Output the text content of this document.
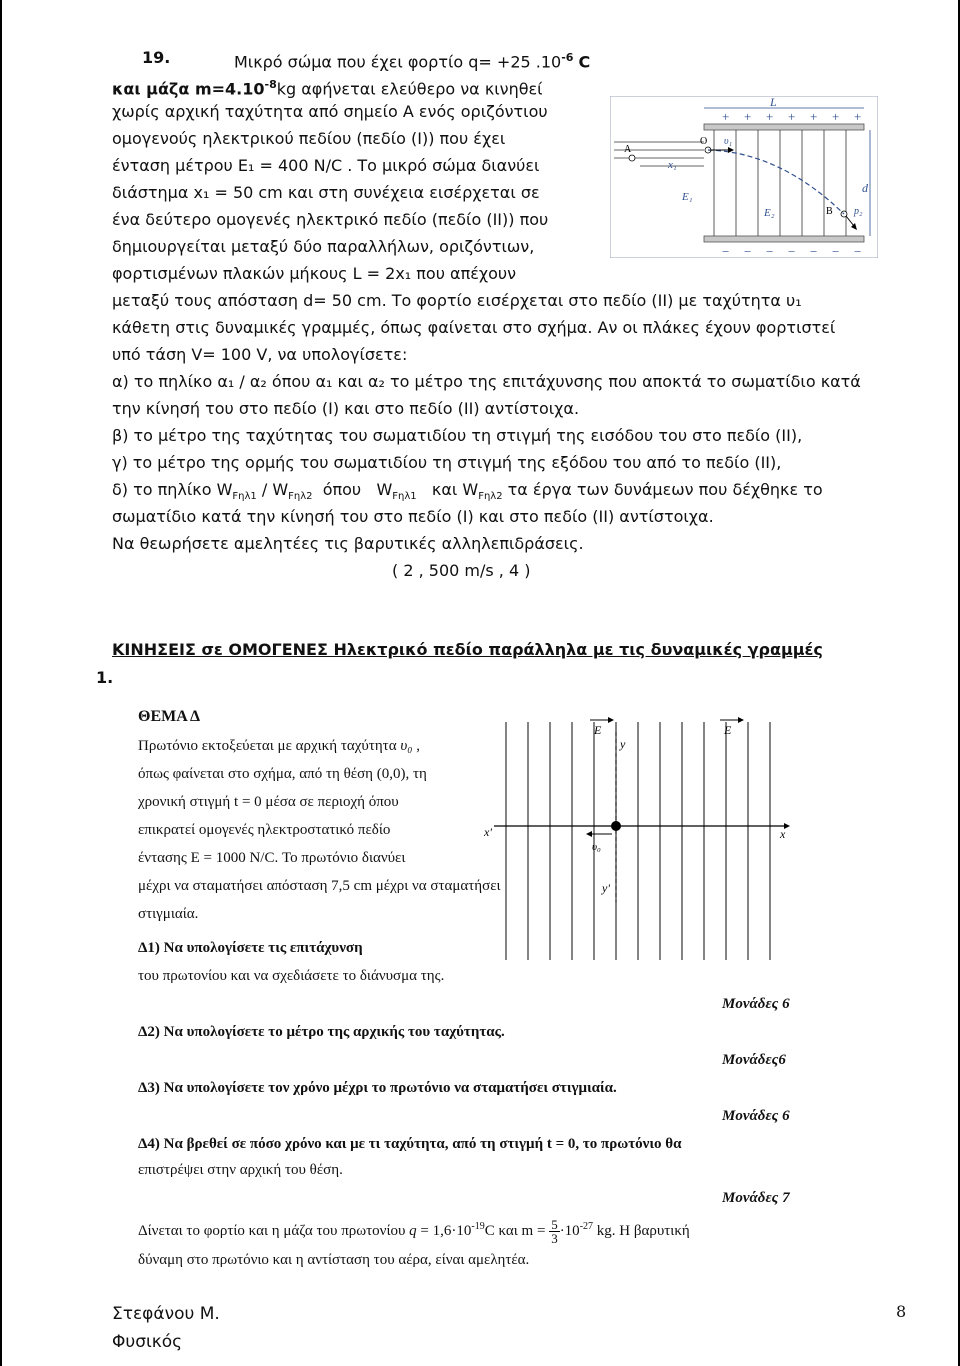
19.	Μικρό σώμα που έχει φορτίο q= +25 $.10^{-6}$ C
και μάζα $m=4.10^{-8}kg$ αφήνεται ελεύθερο να κινηθεί
χωρίς αρχική ταχύτητα από σημείο Α ενός οριζόντιου
ομογενούς ηλεκτρικού πεδίου (πεδίο (Ι)) που έχει
ένταση μέτρου Ε₁ = 400 N/C . Το μικρό σώμα διανύει
διάστημα x₁ = 50 cm και στη συνέχεια εισέρχεται σε
ένα δεύτερο ομογενές ηλεκτρικό πεδίο (πεδίο (ΙΙ)) που
δημιουργείται μεταξύ δύο παραλλήλων, οριζόντιων,
φορτισμένων πλακών μήκους L = 2x₁ που απέχουν
μεταξύ τους απόσταση d= 50 cm. Το φορτίο εισέρχεται στο πεδίο (ΙΙ) με ταχύτητα υ₁
κάθετη στις δυναμικές γραμμές, όπως φαίνεται στο σχήμα. Αν οι πλάκες έχουν φορτιστεί
υπό τάση V= 100 V, να υπολογίσετε:
α) το πηλίκο α₁ / α₂ όπου α₁ και α₂ το μέτρο της επιτάχυνσης που αποκτά το σωματίδιο κατά
την κίνησή του στο πεδίο (Ι) και στο πεδίο (ΙΙ) αντίστοιχα.
β) το μέτρο της ταχύτητας του σωματιδίου τη στιγμή της εισόδου του στο πεδίο (ΙΙ),
γ) το μέτρο της ορμής του σωματιδίου τη στιγμή της εξόδου του από το πεδίο (ΙΙ),
δ) το πηλίκο $W_{F\eta\lambda 1} / W_{F\eta\lambda 2}$  όπου   $W_{F\eta\lambda 1}$   και $W_{F\eta\lambda 2}$ τα έργα των δυνάμεων που δέχθηκε το
σωματίδιο κατά την κίνησή του στο πεδίο (Ι) και στο πεδίο (ΙΙ) αντίστοιχα.
Να θεωρήσετε αμελητέες τις βαρυτικές αλληλεπιδράσεις.
( 2 , 500 m/s , 4 )
+ + + + + + +
− − − − − − −
A
O υ₁
x₁
L
E₁
E₂	B p₂
d
1.
ΚΙΝΗΣΕΙΣ σε ΟΜΟΓΕΝΕΣ Ηλεκτρικό πεδίο παράλληλα με τις δυναμικές γραμμές
ΘΕΜΑ Δ
Πρωτόνιο εκτοξεύεται με αρχική ταχύτητα υ₀ ,
όπως φαίνεται στο σχήμα, από τη θέση (0,0), τη
χρονική στιγμή t = 0 μέσα σε περιοχή όπου
επικρατεί ομογενές ηλεκτροστατικό πεδίο
έντασης E = 1000 N/C. Το πρωτόνιο διανύει
μέχρι να σταματήσει απόσταση 7,5 cm μέχρι να σταματήσει
στιγμιαία.
E	E
y
y'
x
x'
υ₀
Δ1) Να υπολογίσετε τις επιτάχυνση
του πρωτονίου και να σχεδιάσετε το διάνυσμα της.
Μονάδες 6
Δ2) Να υπολογίσετε το μέτρο της αρχικής του ταχύτητας.
Μονάδες6
Δ3) Να υπολογίσετε τον χρόνο μέχρι το πρωτόνιο να σταματήσει στιγμιαία.
Μονάδες 6
Δ4) Να βρεθεί σε πόσο χρόνο και με τι ταχύτητα, από τη στιγμή t = 0, το πρωτόνιο θα
επιστρέψει στην αρχική του θέση.
Μονάδες 7
Δίνεται το φορτίο και η μάζα του πρωτονίου $q = 1,6\cdot 10^{-19}C$ και $m = \frac{5}{3}\cdot 10^{-27}$ kg. Η βαρυτική
δύναμη στο πρωτόνιο και η αντίσταση του αέρα, είναι αμελητέα.
Στεφάνου Μ.
Φυσικός
8
